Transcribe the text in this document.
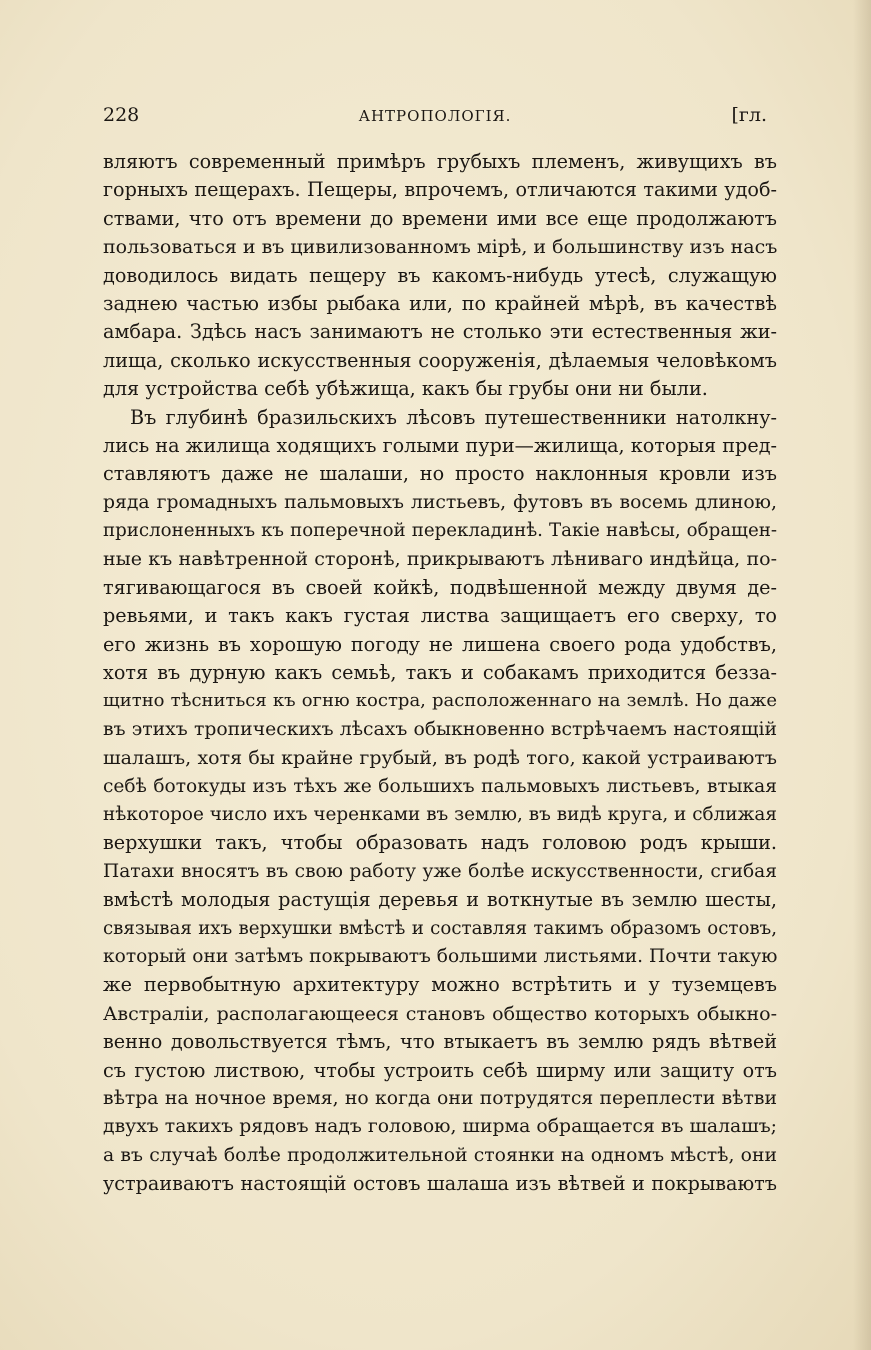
228	АНТРОПОЛОГІЯ.	[гл.
вляютъ современный примѣръ грубыхъ племенъ, живущихъ въ
горныхъ пещерахъ. Пещеры, впрочемъ, отличаются такими удоб-
ствами, что отъ времени до времени ими все еще продолжаютъ
пользоваться и въ цивилизованномъ мірѣ, и большинству изъ насъ
доводилось видать пещеру въ какомъ-нибудь утесѣ, служащую
заднею частью избы рыбака или, по крайней мѣрѣ, въ качествѣ
амбара. Здѣсь насъ занимаютъ не столько эти естественныя жи-
лища, сколько искусственныя сооруженія, дѣлаемыя человѣкомъ
для устройства себѣ убѣжища, какъ бы грубы они ни были.
Въ глубинѣ бразильскихъ лѣсовъ путешественники натолкну-
лись на жилища ходящихъ голыми пури—жилища, которыя пред-
ставляютъ даже не шалаши, но просто наклонныя кровли изъ
ряда громадныхъ пальмовыхъ листьевъ, футовъ въ восемь длиною,
прислоненныхъ къ поперечной перекладинѣ. Такіе навѣсы, обращен-
ные къ навѣтренной сторонѣ, прикрываютъ лѣниваго индѣйца, по-
тягивающагося въ своей койкѣ, подвѣшенной между двумя де-
ревьями, и такъ какъ густая листва защищаетъ его сверху, то
его жизнь въ хорошую погоду не лишена своего рода удобствъ,
хотя въ дурную какъ семьѣ, такъ и собакамъ приходится безза-
щитно тѣсниться къ огню костра, расположеннаго на землѣ. Но даже
въ этихъ тропическихъ лѣсахъ обыкновенно встрѣчаемъ настоящій
шалашъ, хотя бы крайне грубый, въ родѣ того, какой устраиваютъ
себѣ ботокуды изъ тѣхъ же большихъ пальмовыхъ листьевъ, втыкая
нѣкоторое число ихъ черенками въ землю, въ видѣ круга, и сближая
верхушки такъ, чтобы образовать надъ головою родъ крыши.
Патахи вносятъ въ свою работу уже болѣе искусственности, сгибая
вмѣстѣ молодыя растущія деревья и воткнутые въ землю шесты,
связывая ихъ верхушки вмѣстѣ и составляя такимъ образомъ остовъ,
который они затѣмъ покрываютъ большими листьями. Почти такую
же первобытную архитектуру можно встрѣтить и у туземцевъ
Австраліи, располагающееся становъ общество которыхъ обыкно-
венно довольствуется тѣмъ, что втыкаетъ въ землю рядъ вѣтвей
съ густою листвою, чтобы устроить себѣ ширму или защиту отъ
вѣтра на ночное время, но когда они потрудятся переплести вѣтви
двухъ такихъ рядовъ надъ головою, ширма обращается въ шалашъ;
а въ случаѣ болѣе продолжительной стоянки на одномъ мѣстѣ, они
устраиваютъ настоящій остовъ шалаша изъ вѣтвей и покрываютъ
